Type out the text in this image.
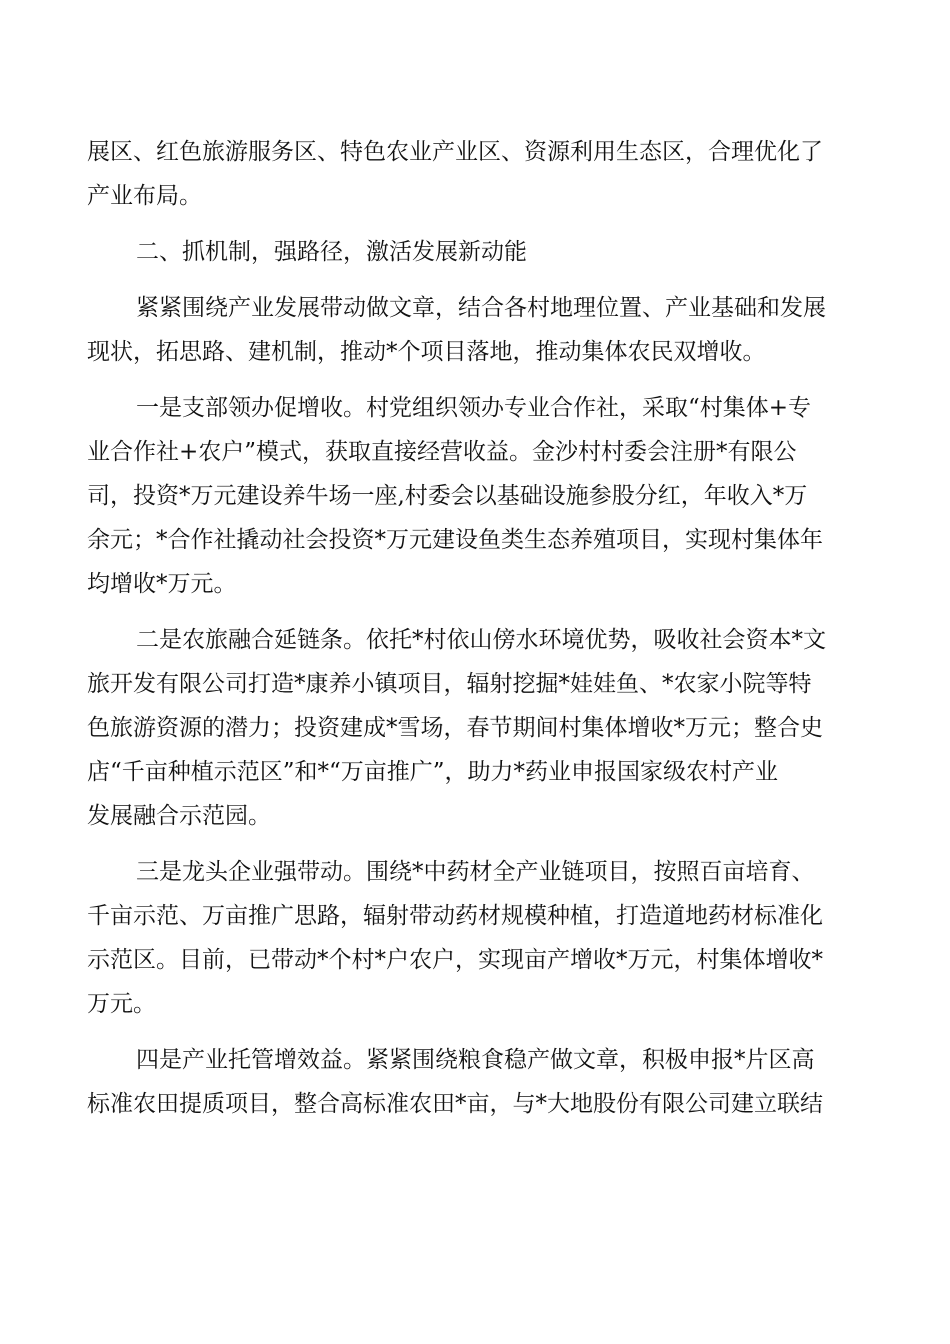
展区、红色旅游服务区、特色农业产业区、资源利用生态区，合理优化了
产业布局。
二、抓机制，强路径，激活发展新动能
紧紧围绕产业发展带动做文章，结合各村地理位置、产业基础和发展
现状，拓思路、建机制，推动*个项目落地，推动集体农民双增收。
一是支部领办促增收。村党组织领办专业合作社，采取“村集体+专
业合作社+农户”模式，获取直接经营收益。金沙村村委会注册*有限公
司，投资*万元建设养牛场一座,村委会以基础设施参股分红，年收入*万
余元；*合作社撬动社会投资*万元建设鱼类生态养殖项目，实现村集体年
均增收*万元。
二是农旅融合延链条。依托*村依山傍水环境优势，吸收社会资本*文
旅开发有限公司打造*康养小镇项目，辐射挖掘*娃娃鱼、*农家小院等特
色旅游资源的潜力；投资建成*雪场，春节期间村集体增收*万元；整合史
店“千亩种植示范区”和*“万亩推广”，助力*药业申报国家级农村产业
发展融合示范园。
三是龙头企业强带动。围绕*中药材全产业链项目，按照百亩培育、
千亩示范、万亩推广思路，辐射带动药材规模种植，打造道地药材标准化
示范区。目前，已带动*个村*户农户，实现亩产增收*万元，村集体增收*
万元。
四是产业托管增效益。紧紧围绕粮食稳产做文章，积极申报*片区高
标准农田提质项目，整合高标准农田*亩，与*大地股份有限公司建立联结
